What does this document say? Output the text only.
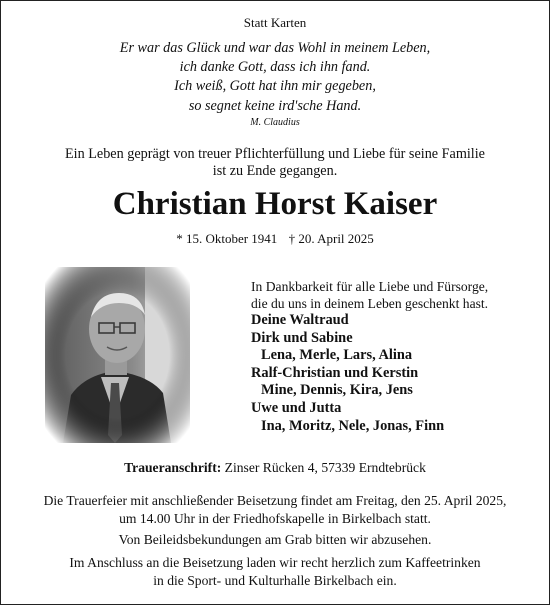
Statt Karten
Er war das Glück und war das Wohl in meinem Leben,
ich danke Gott, dass ich ihn fand.
Ich weiß, Gott hat ihn mir gegeben,
so segnet keine ird'sche Hand.
M. Claudius
Ein Leben geprägt von treuer Pflichterfüllung und Liebe für seine Familie
ist zu Ende gegangen.
Christian Horst Kaiser
* 15. Oktober 1941 † 20. April 2025
In Dankbarkeit für alle Liebe und Fürsorge,
die du uns in deinem Leben geschenkt hast.
Deine Waltraud
Dirk und Sabine
Lena, Merle, Lars, Alina
Ralf-Christian und Kerstin
Mine, Dennis, Kira, Jens
Uwe und Jutta
Ina, Moritz, Nele, Jonas, Finn
Traueranschrift: Zinser Rücken 4, 57339 Erndtebrück
Die Trauerfeier mit anschließender Beisetzung findet am Freitag, den 25. April 2025,
um 14.00 Uhr in der Friedhofskapelle in Birkelbach statt.
Von Beileidsbekundungen am Grab bitten wir abzusehen.
Im Anschluss an die Beisetzung laden wir recht herzlich zum Kaffeetrinken
in die Sport- und Kulturhalle Birkelbach ein.
